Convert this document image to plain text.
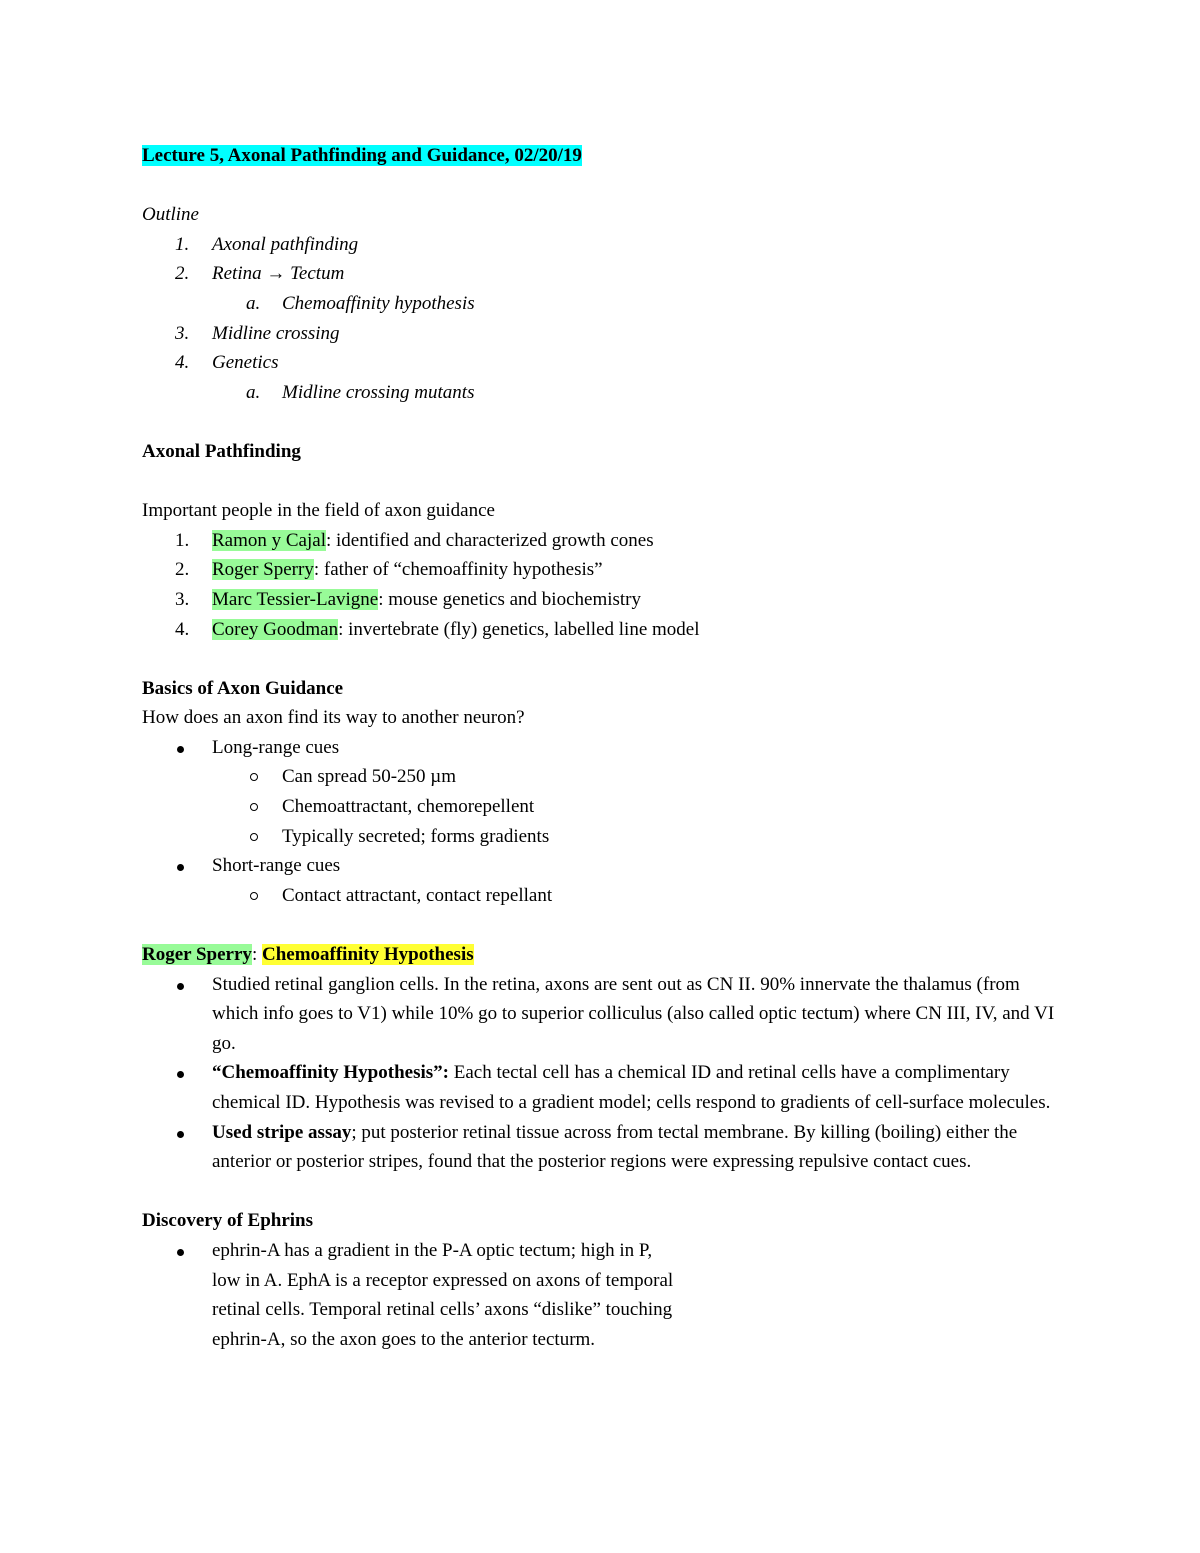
Lecture 5, Axonal Pathfinding and Guidance, 02/20/19
Outline
1. Axonal pathfinding
2. Retina → Tectum
a. Chemoaffinity hypothesis
3. Midline crossing
4. Genetics
a. Midline crossing mutants
Axonal Pathfinding
Important people in the field of axon guidance
1. Ramon y Cajal: identified and characterized growth cones
2. Roger Sperry: father of “chemoaffinity hypothesis”
3. Marc Tessier-Lavigne: mouse genetics and biochemistry
4. Corey Goodman: invertebrate (fly) genetics, labelled line model
Basics of Axon Guidance
How does an axon find its way to another neuron?
Long-range cues
Can spread 50-250 µm
Chemoattractant, chemorepellent
Typically secreted; forms gradients
Short-range cues
Contact attractant, contact repellant
Roger Sperry: Chemoaffinity Hypothesis
Studied retinal ganglion cells. In the retina, axons are sent out as CN II. 90% innervate the thalamus (from which info goes to V1) while 10% go to superior colliculus (also called optic tectum) where CN III, IV, and VI go.
“Chemoaffinity Hypothesis”: Each tectal cell has a chemical ID and retinal cells have a complimentary chemical ID. Hypothesis was revised to a gradient model; cells respond to gradients of cell-surface molecules.
Used stripe assay; put posterior retinal tissue across from tectal membrane. By killing (boiling) either the anterior or posterior stripes, found that the posterior regions were expressing repulsive contact cues.
Discovery of Ephrins
ephrin-A has a gradient in the P-A optic tectum; high in P,
low in A. EphA is a receptor expressed on axons of temporal
retinal cells. Temporal retinal cells’ axons “dislike” touching
ephrin-A, so the axon goes to the anterior tecturm.
